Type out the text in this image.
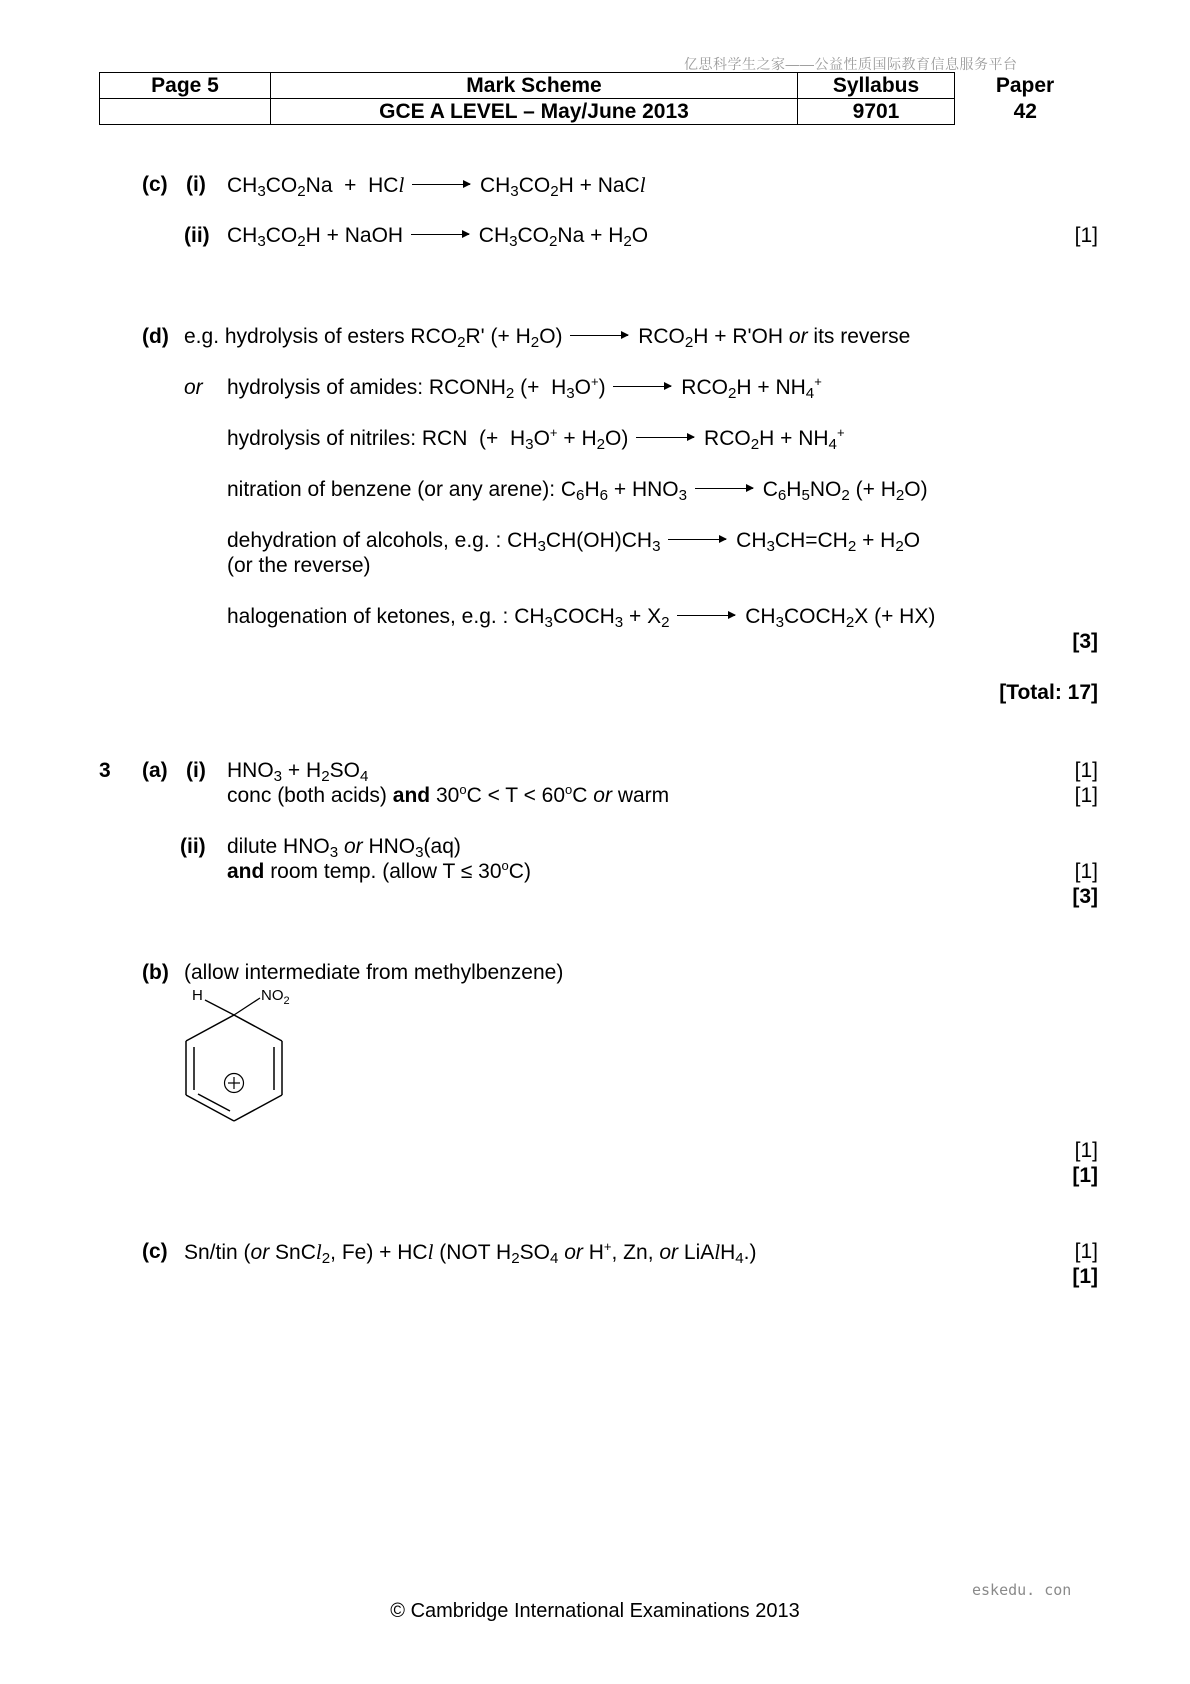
亿思科学生之家——公益性质国际教育信息服务平台
Page 5	Mark Scheme	Syllabus	Paper
	GCE A LEVEL – May/June 2013	9701	42
(c) (i) $CH_3CO_2Na$  +  HCl	$CH_3CO_2H$ + NaCl
(ii) $CH_3CO_2H$ + NaOH	$CH_3CO_2Na + H_2O$	[1]
(d) e.g. hydrolysis of esters $RCO_2R'$ (+ $H_2O$)	$RCO_2H + R'OH$ or its reverse
or hydrolysis of amides: $RCONH_2$ (+  $H_3O^+$)	$RCO_2H + NH_4^+$
hydrolysis of nitriles: RCN  (+  $H_3O^+ + H_2O$)	$RCO_2H + NH_4^+$
nitration of benzene (or any arene): $C_6H_6 + HNO_3$	$C_6H_5NO_2$ (+ $H_2O$)
dehydration of alcohols, e.g. : $CH_3CH(OH)CH_3$	$CH_3CH=CH_2 + H_2O$
(or the reverse)
halogenation of ketones, e.g. : $CH_3COCH_3 + X_2$	$CH_3COCH_2X$ (+ HX)
[3]
[Total: 17]
3 (a) (i) $HNO_3 + H_2SO_4$	[1]
conc (both acids) and $30^oC < T < 60^oC$ or warm	[1]
(ii) dilute $HNO_3$ or $HNO_3(aq)$
and room temp. (allow $T \le 30^oC$)	[1]
[3]
(b) (allow intermediate from methylbenzene)
H	$NO_2$
[1]
[1]
(c) Sn/tin (or SnCl$_2$, Fe) + HCl (NOT $H_2SO_4$ or H+, Zn, or LiAlH$_4$.)	[1]
[1]
eskedu. con
© Cambridge International Examinations 2013
